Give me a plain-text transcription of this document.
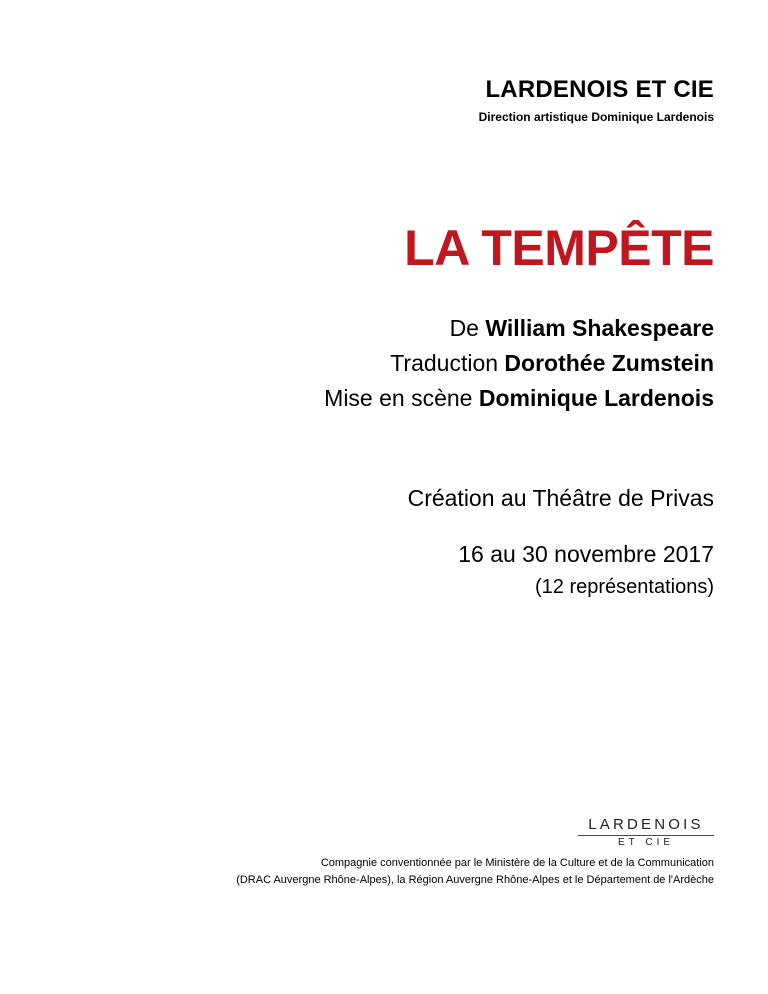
LARDENOIS ET CIE
Direction artistique Dominique Lardenois
LA TEMPÊTE
De William Shakespeare
Traduction Dorothée Zumstein
Mise en scène Dominique Lardenois
Création au Théâtre de Privas
16 au 30 novembre 2017
(12 représentations)
LARDENOIS
ET CIE
Compagnie conventionnée par le Ministère de la Culture et de la Communication
(DRAC Auvergne Rhône-Alpes), la Région Auvergne Rhône-Alpes et le Département de l'Ardèche
